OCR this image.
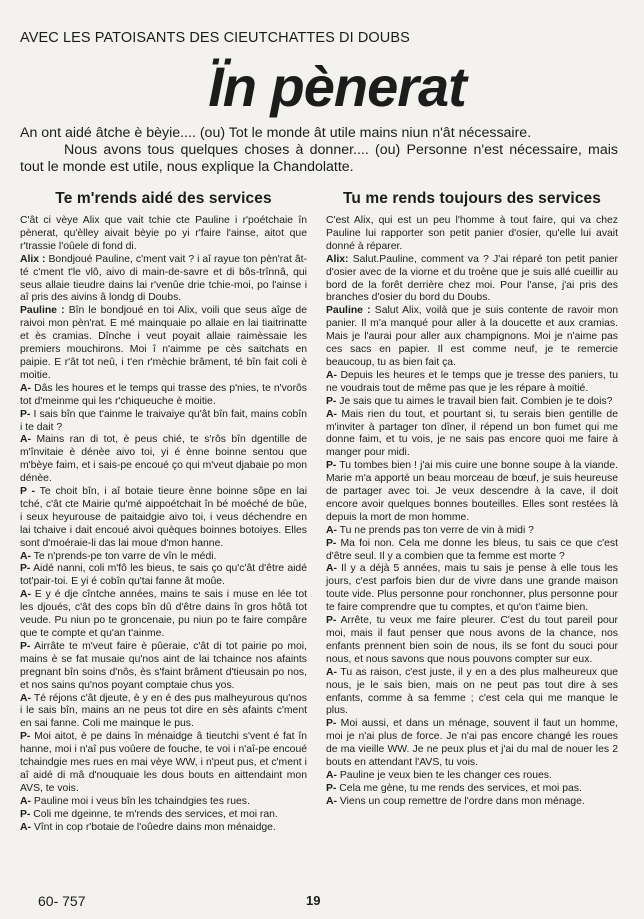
AVEC LES PATOISANTS DES CIEUTCHATTES DI DOUBS
Ïn pènerat

An ont aidé âtche è bèyie.... (ou) Tot le monde ât utile mains niun n'ât nécessaire.

Nous avons tous quelques choses à donner.... (ou) Personne n'est nécessaire, mais tout le monde est utile, nous explique la Chandolatte.

Te m'rends aidé des services

C'ât ci vèye Alix que vait tchie cte Pauline i r'poétchaie în pènerat, qu'èlley aivait bèyie po yi r'faire l'ainse, aitot que r'trassie l'oûele di fond di.

Alix : Bondjoué Pauline, c'ment vait ? i aî rayue ton pèn'rat ât-té c'ment t'le vlô, aivo di main-de-savre et di bôs-trînnâ, qui seus allaie tieudre dains lai r'venûe drie tchie-moi, po l'ainse i aî pris des aivins â londg di Doubs.

Pauline : Bîn le bondjoué en toi Alix, voili que seus aîge de raivoi mon pèn'rat. E mé mainquaie po allaie en lai tiaitrinatte et ès cramias. Dînche i veut poyait allaie raimèssaie les premiers mouchirons. Moi î n'aimme pe cès saitchats en paipie. E r'ât tot neû, i t'en r'mèchie brâment, té bîn fait coli è moitie.

A- Dâs les houres et le temps qui trasse des p'nies, te n'vorôs tot d'meinme qui les r'chiqueuche è moitie.

P- I sais bîn que t'ainme le traivaiye qu'ât bîn fait, mains cobîn i te dait ?

A- Mains ran di tot, è peus chié, te s'rôs bîn dgentille de m'învitaie è dénèe aivo toi, yi é ènne boinne sentou que m'bèye faim, et i sais-pe encoué ço qui m'veut djabaie po mon dénèe.

P - Te choit bîn, i aî botaie tieure ènne boinne sôpe en lai tché, c'ât cte Mairie qu'mé aippoétchait în bé moéché de bûe, i seux heyurouse de paitaidgie aivo toi, i veus déchendre en lai tchaive i dait encoué aivoi quèques boinnes botoiyes. Elles sont d'moéraie-li das lai moue d'mon hanne.

A- Te n'prends-pe ton varre de vîn le médi.

P- Aidé nanni, coli m'fô les bieus, te sais ço qu'c'ât d'être aidé tot'pair-toi. E yi é cobîn qu'tai fanne ât moûe.

A- E y é dje cîntche années, mains te sais i muse en lée tot les djoués, c'ât des cops bîn dû d'être dains în gros hôtâ tot veude. Pu niun po te groncenaie, pu niun po te faire compâre que te compte et qu'an t'ainme.

P- Airrâte te m'veut faire è pûeraie, c'ât di tot pairie po moi, mains è se fat musaie qu'nos aint de lai tchaince nos afaints pregnant bîn soins d'nôs, ès s'faint brâment d'tieusain po nos, et nos sains qu'nos poyant comptaie chus yos.

A- Té réjons c'ât djeute, è y en é des pus malheyurous qu'nos i le sais bîn, mains an ne peus tot dire en sès afaints c'ment en sai fanne. Coli me mainque le pus.

P- Moi aitot, è pe dains în ménaidge â tieutchi s'vent é fat în hanne, moi i n'aî pus voûere de fouche, te voi i n'aî-pe encoué tchaindgie mes rues en mai vèye WW, i n'peut pus, et c'ment i aî aidé di mâ d'nouquaie les dous bouts en aittendaint mon AVS, te vois.

A- Pauline moi i veus bîn les tchaindgies tes rues.

P- Coli me dgeinne, te m'rends des services, et moi ran.

A- Vînt in cop r'botaie de l'oûedre dains mon ménaidge.

Tu me rends toujours des services

C'est Alix, qui est un peu l'homme à tout faire, qui va chez Pauline lui rapporter son petit panier d'osier, qu'elle lui avait donné à réparer.

Alix: Salut.Pauline, comment va ? J'ai réparé ton petit panier d'osier avec de la viorne et du troène que je suis allé cueillir au bord de la forêt derrière chez moi. Pour l'anse, j'ai pris des branches d'osier du bord du Doubs.

Pauline : Salut Alix, voilà que je suis contente de ravoir mon panier. Il m'a manqué pour aller à la doucette et aux cramias. Mais je l'aurai pour aller aux champignons. Moi je n'aime pas ces sacs en papier. Il est comme neuf, je te remercie beaucoup, tu as bien fait ça.

A- Depuis les heures et le temps que je tresse des paniers, tu ne voudrais tout de même pas que je les répare à moitié.

P- Je sais que tu aimes le travail bien fait. Combien je te dois?

A- Mais rien du tout, et pourtant si, tu serais bien gentille de m'inviter à partager ton dîner, il répend un bon fumet qui me donne faim, et tu vois, je ne sais pas encore quoi me faire à manger pour midi.

P- Tu tombes bien ! j'ai mis cuire une bonne soupe à la viande. Marie m'a apporté un beau morceau de bœuf, je suis heureuse de partager avec toi. Je veux descendre à la cave, il doit encore avoir quelques bonnes bouteilles. Elles sont restées là depuis la mort de mon homme.

A- Tu ne prends pas ton verre de vin à midi ?

P- Ma foi non. Cela me donne les bleus, tu sais ce que c'est d'être seul. Il y a combien que ta femme est morte ?

A- Il y a déjà 5 années, mais tu sais je pense à elle tous les jours, c'est parfois bien dur de vivre dans une grande maison toute vide. Plus personne pour ronchonner, plus personne pour te faire comprendre que tu comptes, et qu'on t'aime bien.

P- Arrête, tu veux me faire pleurer. C'est du tout pareil pour moi, mais il faut penser que nous avons de la chance, nos enfants prennent bien soin de nous, ils se font du souci pour nous, et nous savons que nous pouvons compter sur eux.

A- Tu as raison, c'est juste, il y en a des plus malheureux que nous, je le sais bien, mais on ne peut pas tout dire à ses enfants, comme à sa femme ; c'est cela qui me manque le plus.

P- Moi aussi, et dans un ménage, souvent il faut un homme, moi je n'ai plus de force. Je n'ai pas encore changé les roues de ma vieille WW. Je ne peux plus et j'ai du mal de nouer les 2 bouts en attendant l'AVS, tu vois.

A- Pauline je veux bien te les changer ces roues.

P- Cela me gène, tu me rends des services, et moi pas.

A- Viens un coup remettre de l'ordre dans mon ménage.

60- 757	19
